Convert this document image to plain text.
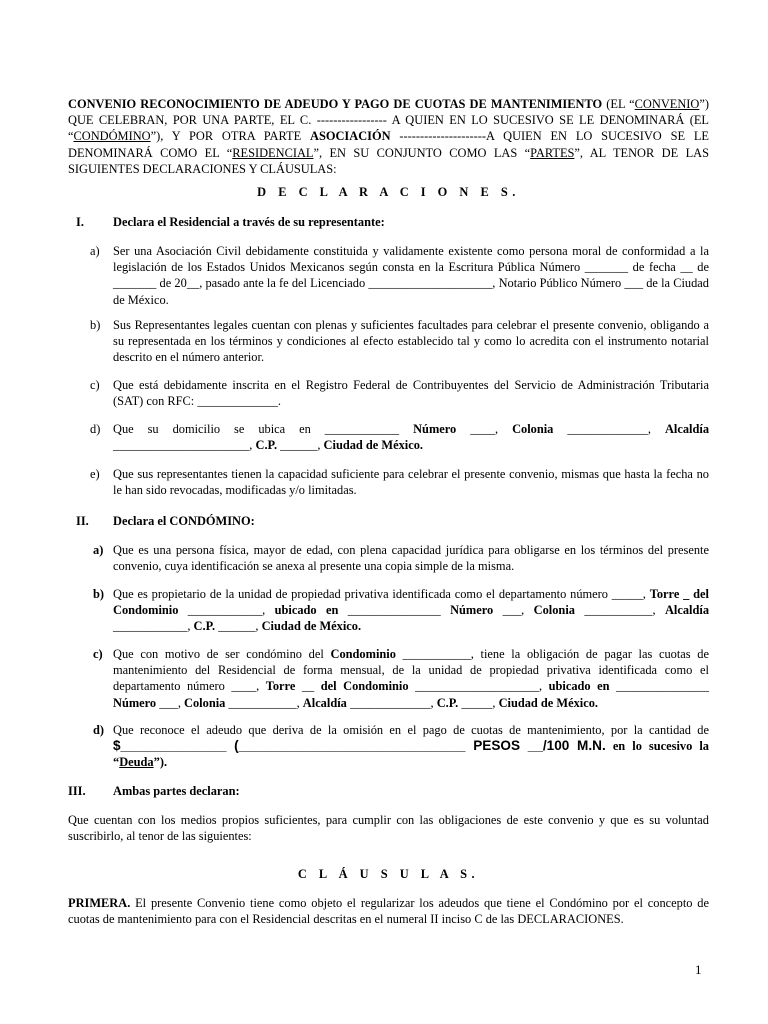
CONVENIO RECONOCIMIENTO DE ADEUDO Y PAGO DE CUOTAS DE MANTENIMIENTO (EL “CONVENIO”) QUE CELEBRAN, POR UNA PARTE, EL C. ----------------- A QUIEN EN LO SUCESIVO SE LE DENOMINARÁ (EL “CONDÓMINO”), Y POR OTRA PARTE ASOCIACIÓN ---------------------A QUIEN EN LO SUCESIVO SE LE DENOMINARÁ COMO EL “RESIDENCIAL”, EN SU CONJUNTO COMO LAS “PARTES”, AL TENOR DE LAS SIGUIENTES DECLARACIONES Y CLÁUSULAS:
D E C L A R A C I O N E S.
I. Declara el Residencial a través de su representante:
a) Ser una Asociación Civil debidamente constituida y validamente existente como persona moral de conformidad a la legislación de los Estados Unidos Mexicanos según consta en la Escritura Pública Número _______ de fecha __ de _______ de 20__, pasado ante la fe del Licenciado ____________________, Notario Público Número ___ de la Ciudad de México.
b) Sus Representantes legales cuentan con plenas y suficientes facultades para celebrar el presente convenio, obligando a su representada en los términos y condiciones al efecto establecido tal y como lo acredita con el instrumento notarial descrito en el número anterior.
c) Que está debidamente inscrita en el Registro Federal de Contribuyentes del Servicio de Administración Tributaria (SAT) con RFC: _____________.
d) Que su domicilio se ubica en ____________ Número ____, Colonia _____________, Alcaldía ______________________, C.P. ______, Ciudad de México.
e) Que sus representantes tienen la capacidad suficiente para celebrar el presente convenio, mismas que hasta la fecha no le han sido revocadas, modificadas y/o limitadas.
II. Declara el CONDÓMINO:
a) Que es una persona física, mayor de edad, con plena capacidad jurídica para obligarse en los términos del presente convenio, cuya identificación se anexa al presente una copia simple de la misma.
b) Que es propietario de la unidad de propiedad privativa identificada como el departamento número _____, Torre _ del Condominio ____________, ubicado en _______________ Número ___, Colonia ___________, Alcaldía ____________, C.P. ______, Ciudad de México.
c) Que con motivo de ser condómino del Condominio ___________, tiene la obligación de pagar las cuotas de mantenimiento del Residencial de forma mensual, de la unidad de propiedad privativa identificada como el departamento número ____, Torre __ del Condominio ____________________, ubicado en _______________ Número ___, Colonia ___________, Alcaldía _____________, C.P. _____, Ciudad de México.
d) Que reconoce el adeudo que deriva de la omisión en el pago de cuotas de mantenimiento, por la cantidad de $______________ (______________________________ PESOS __/100 M.N. en lo sucesivo la “Deuda”).
III. Ambas partes declaran:
Que cuentan con los medios propios suficientes, para cumplir con las obligaciones de este convenio y que es su voluntad suscribirlo, al tenor de las siguientes:
C L Á U S U L A S.
PRIMERA. El presente Convenio tiene como objeto el regularizar los adeudos que tiene el Condómino por el concepto de cuotas de mantenimiento para con el Residencial descritas en el numeral II inciso C de las DECLARACIONES.
1
